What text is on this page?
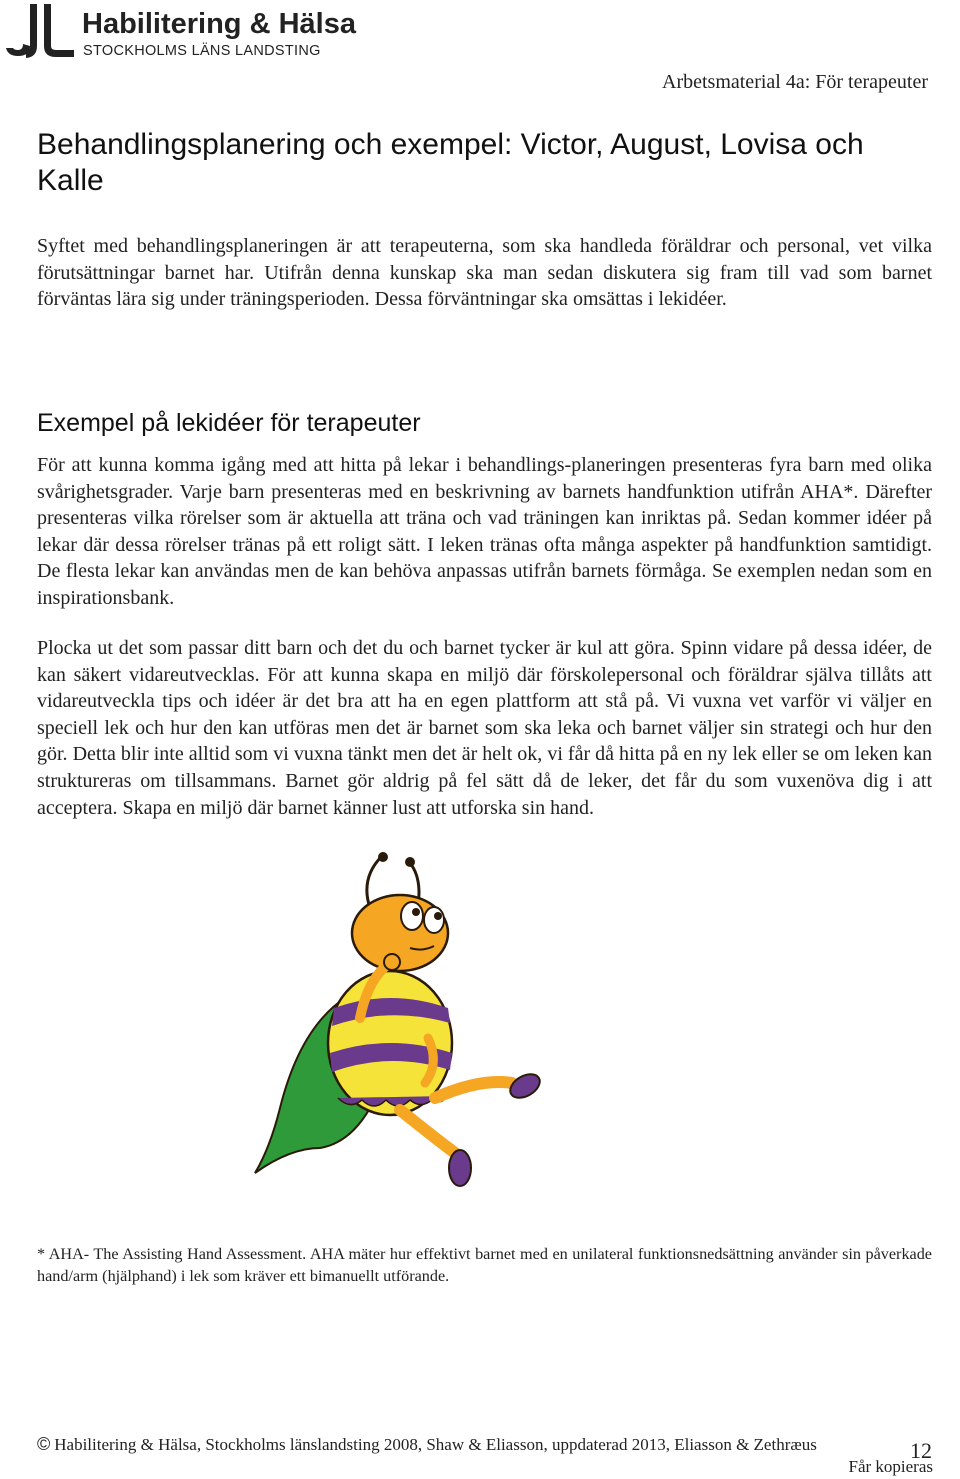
Habilitering & Hälsa
STOCKHOLMS LÄNS LANDSTING
Arbetsmaterial 4a: För terapeuter
Behandlingsplanering och exempel: Victor, August, Lovisa och Kalle

Syftet med behandlingsplaneringen är att terapeuterna, som ska handleda föräldrar och personal, vet vilka förutsättningar barnet har. Utifrån denna kunskap ska man sedan diskutera sig fram till vad som barnet förväntas lära sig under träningsperioden. Dessa förväntningar ska omsättas i lekidéer.

Exempel på lekidéer för terapeuter

För att kunna komma igång med att hitta på lekar i behandlings-planeringen presenteras fyra barn med olika svårighetsgrader. Varje barn presenteras med en beskrivning av barnets handfunktion utifrån AHA*. Därefter presenteras vilka rörelser som är aktuella att träna och vad träningen kan inriktas på. Sedan kommer idéer på lekar där dessa rörelser tränas på ett roligt sätt. I leken tränas ofta många aspekter på handfunktion samtidigt. De flesta lekar kan användas men de kan behöva anpassas utifrån barnets förmåga. Se exemplen nedan som en inspirationsbank.

Plocka ut det som passar ditt barn och det du och barnet tycker är kul att göra. Spinn vidare på dessa idéer, de kan säkert vidareutvecklas. För att kunna skapa en miljö där förskolepersonal och föräldrar själva tillåts att vidareutveckla tips och idéer är det bra att ha en egen plattform att stå på. Vi vuxna vet varför vi väljer en speciell lek och hur den kan utföras men det är barnet som ska leka och barnet väljer sin strategi och hur den gör. Detta blir inte alltid som vi vuxna tänkt men det är helt ok, vi får då hitta på en ny lek eller se om leken kan struktureras om tillsammans. Barnet gör aldrig på fel sätt då de leker, det får du som vuxenöva dig i att acceptera. Skapa en miljö där barnet känner lust att utforska sin hand.

* AHA- The Assisting Hand Assessment. AHA mäter hur effektivt barnet med en unilateral funktionsnedsättning använder sin påverkade hand/arm (hjälphand) i lek som kräver ett bimanuellt utförande.

© Habilitering & Hälsa, Stockholms länslandsting 2008, Shaw & Eliasson, uppdaterad 2013, Eliasson & Zethræus	12
Får kopieras
